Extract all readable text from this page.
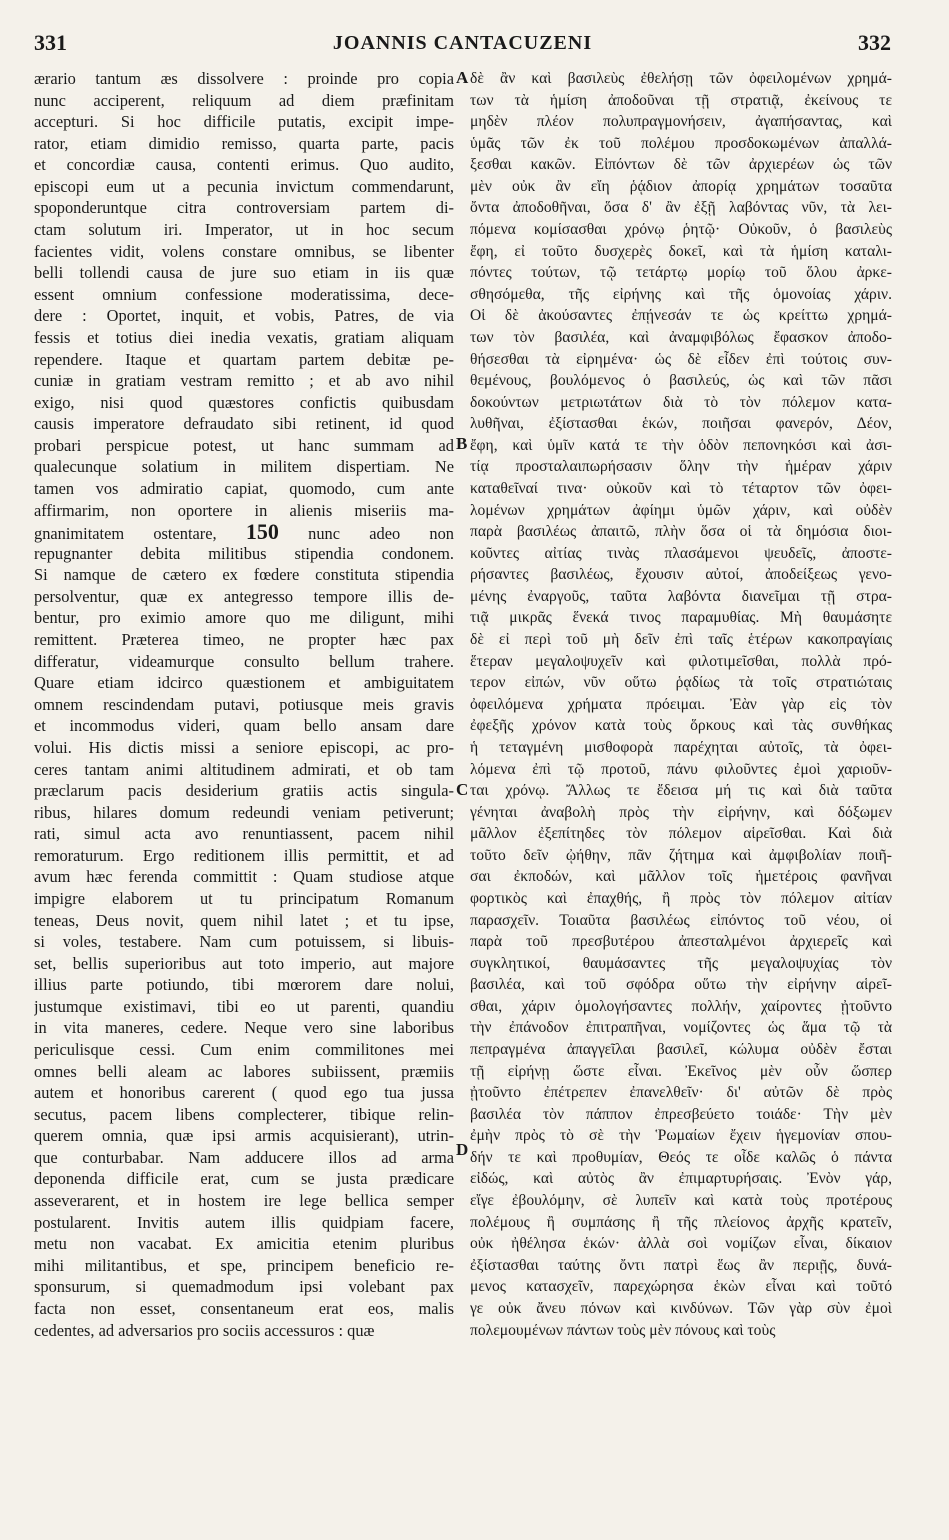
331	JOANNIS CANTACUZENI	332
ærario tantum æs dissolvere : proinde pro copia
nunc acciperent, reliquum ad diem præfinitam
accepturi. Si hoc difficile putatis, excipit impe-
rator, etiam dimidio remisso, quarta parte, pacis
et concordiæ causa, contenti erimus. Quo audito,
episcopi eum ut a pecunia invictum commendarunt,
spoponderuntque citra controversiam partem di-
ctam solutum iri. Imperator, ut in hoc secum
facientes vidit, volens constare omnibus, se libenter
belli tollendi causa de jure suo etiam in iis quæ
essent omnium confessione moderatissima, dece-
dere : Oportet, inquit, et vobis, Patres, de via
fessis et totius diei inedia vexatis, gratiam aliquam
rependere. Itaque et quartam partem debitæ pe-
cuniæ in gratiam vestram remitto ; et ab avo nihil
exigo, nisi quod quæstores confictis quibusdam
causis imperatore defraudato sibi retinent, id quod
probari perspicue potest, ut hanc summam ad
qualecunque solatium in militem dispertiam. Ne
tamen vos admiratio capiat, quomodo, cum ante
affirmarim, non oportere in alienis miseriis ma-
gnanimitatem ostentare, 150 nunc adeo non
repugnanter debita militibus stipendia condonem.
Si namque de cætero ex fœdere constituta stipendia
persolventur, quæ ex antegresso tempore illis de-
bentur, pro eximio amore quo me diligunt, mihi
remittent. Præterea timeo, ne propter hæc pax
differatur, videamurque consulto bellum trahere.
Quare etiam idcirco quæstionem et ambiguitatem
omnem rescindendam putavi, potiusque meis gravis
et incommodus videri, quam bello ansam dare
volui. His dictis missi a seniore episcopi, ac pro-
ceres tantam animi altitudinem admirati, et ob tam
præclarum pacis desiderium gratiis actis singula-
ribus, hilares domum redeundi veniam petiverunt;
rati, simul acta avo renuntiassent, pacem nihil
remoraturum. Ergo reditionem illis permittit, et ad
avum hæc ferenda committit : Quam studiose atque
impigre elaborem ut tu principatum Romanum
teneas, Deus novit, quem nihil latet ; et tu ipse,
si voles, testabere. Nam cum potuissem, si libuis-
set, bellis superioribus aut toto imperio, aut majore
illius parte potiundo, tibi mœrorem dare nolui,
justumque existimavi, tibi eo ut parenti, quandiu
in vita maneres, cedere. Neque vero sine laboribus
periculisque cessi. Cum enim commilitones mei
omnes belli aleam ac labores subiissent, præmiis
autem et honoribus carerent ( quod ego tua jussa
secutus, pacem libens complecterer, tibique relin-
querem omnia, quæ ipsi armis acquisierant), utrin-
que conturbabar. Nam adducere illos ad arma
deponenda difficile erat, cum se justa prædicare
asseverarent, et in hostem ire lege bellica semper
postularent. Invitis autem illis quidpiam facere,
metu non vacabat. Ex amicitia etenim pluribus
mihi militantibus, et spe, principem beneficio re-
sponsurum, si quemadmodum ipsi volebant pax
facta non esset, consentaneum erat eos, malis
cedentes, ad adversarios pro sociis accessuros : quæ
δὲ ἂν καὶ βασιλεὺς ἐθελήσῃ τῶν ὀφειλομένων χρημά-
των τὰ ἡμίση ἀποδοῦναι τῇ στρατιᾷ, ἐκείνους τε
μηδὲν πλέον πολυπραγμονήσειν, ἀγαπήσαντας, καὶ
ὑμᾶς τῶν ἐκ τοῦ πολέμου προσδοκωμένων ἀπαλλά-
ξεσθαι κακῶν. Εἰπόντων δὲ τῶν ἀρχιερέων ὡς τῶν
μὲν οὐκ ἂν εἴη ῥᾴδιον ἀπορίᾳ χρημάτων τοσαῦτα
ὄντα ἀποδοθῆναι, ὅσα δ' ἂν ἐξῇ λαβόντας νῦν, τὰ λει-
πόμενα κομίσασθαι χρόνῳ ῥητῷ· Οὐκοῦν, ὁ βασιλεὺς
ἔφη, εἰ τοῦτο δυσχερὲς δοκεῖ, καὶ τὰ ἡμίση καταλι-
πόντες τούτων, τῷ τετάρτῳ μορίῳ τοῦ ὅλου ἀρκε-
σθησόμεθα, τῆς εἰρήνης καὶ τῆς ὁμονοίας χάριν.
Οἱ δὲ ἀκούσαντες ἐπῄνεσάν τε ὡς κρείττω χρημά-
των τὸν βασιλέα, καὶ ἀναμφιβόλως ἔφασκον ἀποδο-
θήσεσθαι τὰ εἰρημένα· ὡς δὲ εἶδεν ἐπὶ τούτοις συν-
θεμένους, βουλόμενος ὁ βασιλεύς, ὡς καὶ τῶν πᾶσι
δοκούντων μετριωτάτων διὰ τὸ τὸν πόλεμον κατα-
λυθῆναι, ἐξίστασθαι ἑκών, ποιῆσαι φανερόν, Δέον,
ἔφη, καὶ ὑμῖν κατά τε τὴν ὁδὸν πεπονηκόσι καὶ ἀσι-
τίᾳ προσταλαιπωρήσασιν ὅλην τὴν ἡμέραν χάριν
καταθεῖναί τινα· οὐκοῦν καὶ τὸ τέταρτον τῶν ὀφει-
λομένων χρημάτων ἀφίημι ὑμῶν χάριν, καὶ οὐδὲν
παρὰ βασιλέως ἀπαιτῶ, πλὴν ὅσα οἱ τὰ δημόσια διοι-
κοῦντες αἰτίας τινὰς πλασάμενοι ψευδεῖς, ἀποστε-
ρήσαντες βασιλέως, ἔχουσιν αὐτοί, ἀποδείξεως γενο-
μένης ἐναργοῦς, ταῦτα λαβόντα διανεῖμαι τῇ στρα-
τιᾷ μικρᾶς ἕνεκά τινος παραμυθίας. Μὴ θαυμάσητε
δὲ εἰ περὶ τοῦ μὴ δεῖν ἐπὶ ταῖς ἑτέρων κακοπραγίαις
ἕτεραν μεγαλοψυχεῖν καὶ φιλοτιμεῖσθαι, πολλὰ πρό-
τερον εἰπών, νῦν οὕτω ῥᾳδίως τὰ τοῖς στρατιώταις
ὀφειλόμενα χρήματα πρόειμαι. Ἐὰν γὰρ εἰς τὸν
ἐφεξῆς χρόνον κατὰ τοὺς ὅρκους καὶ τὰς συνθήκας
ἡ τεταγμένη μισθοφορὰ παρέχηται αὐτοῖς, τὰ ὀφει-
λόμενα ἐπὶ τῷ προτοῦ, πάνυ φιλοῦντες ἐμοὶ χαριοῦν-
ται χρόνῳ. Ἄλλως τε ἔδεισα μή τις καὶ διὰ ταῦτα
γένηται ἀναβολὴ πρὸς τὴν εἰρήνην, καὶ δόξωμεν
μᾶλλον ἐξεπίτηδες τὸν πόλεμον αἱρεῖσθαι. Καὶ διὰ
τοῦτο δεῖν ᾠήθην, πᾶν ζήτημα καὶ ἀμφιβολίαν ποιῆ-
σαι ἐκποδών, καὶ μᾶλλον τοῖς ἡμετέροις φανῆναι
φορτικὸς καὶ ἐπαχθής, ἢ πρὸς τὸν πόλεμον αἰτίαν
παρασχεῖν. Τοιαῦτα βασιλέως εἰπόντος τοῦ νέου, οἱ
παρὰ τοῦ πρεσβυτέρου ἀπεσταλμένοι ἀρχιερεῖς καὶ
συγκλητικοί, θαυμάσαντες τῆς μεγαλοψυχίας τὸν
βασιλέα, καὶ τοῦ σφόδρα οὕτω τὴν εἰρήνην αἱρεῖ-
σθαι, χάριν ὁμολογήσαντες πολλήν, χαίροντες ᾐτοῦντο
τὴν ἐπάνοδον ἐπιτραπῆναι, νομίζοντες ὡς ἅμα τῷ τὰ
πεπραγμένα ἀπαγγεῖλαι βασιλεῖ, κώλυμα οὐδὲν ἔσται
τῇ εἰρήνῃ ὥστε εἶναι. Ἐκεῖνος μὲν οὖν ὥσπερ
ᾐτοῦντο ἐπέτρεπεν ἐπανελθεῖν· δι' αὐτῶν δὲ πρὸς
βασιλέα τὸν πάππον ἐπρεσβεύετο τοιάδε· Τὴν μὲν
ἐμὴν πρὸς τὸ σὲ τὴν Ῥωμαίων ἔχειν ἡγεμονίαν σπου-
δήν τε καὶ προθυμίαν, Θεός τε οἶδε καλῶς ὁ πάντα
εἰδώς, καὶ αὐτὸς ἂν ἐπιμαρτυρήσαις. Ἐνὸν γάρ,
εἴγε ἐβουλόμην, σὲ λυπεῖν καὶ κατὰ τοὺς προτέρους
πολέμους ἢ συμπάσης ἢ τῆς πλείονος ἀρχῆς κρατεῖν,
οὐκ ἠθέλησα ἑκών· ἀλλὰ σοὶ νομίζων εἶναι, δίκαιον
ἐξίστασθαι ταύτης ὄντι πατρὶ ἕως ἂν περιῇς, δυνά-
μενος κατασχεῖν, παρεχώρησα ἑκὼν εἶναι καὶ τοῦτό
γε οὐκ ἄνευ πόνων καὶ κινδύνων. Τῶν γὰρ σὺν ἐμοὶ
πολεμουμένων πάντων τοὺς μὲν πόνους καὶ τοὺς
A
B
C
D
